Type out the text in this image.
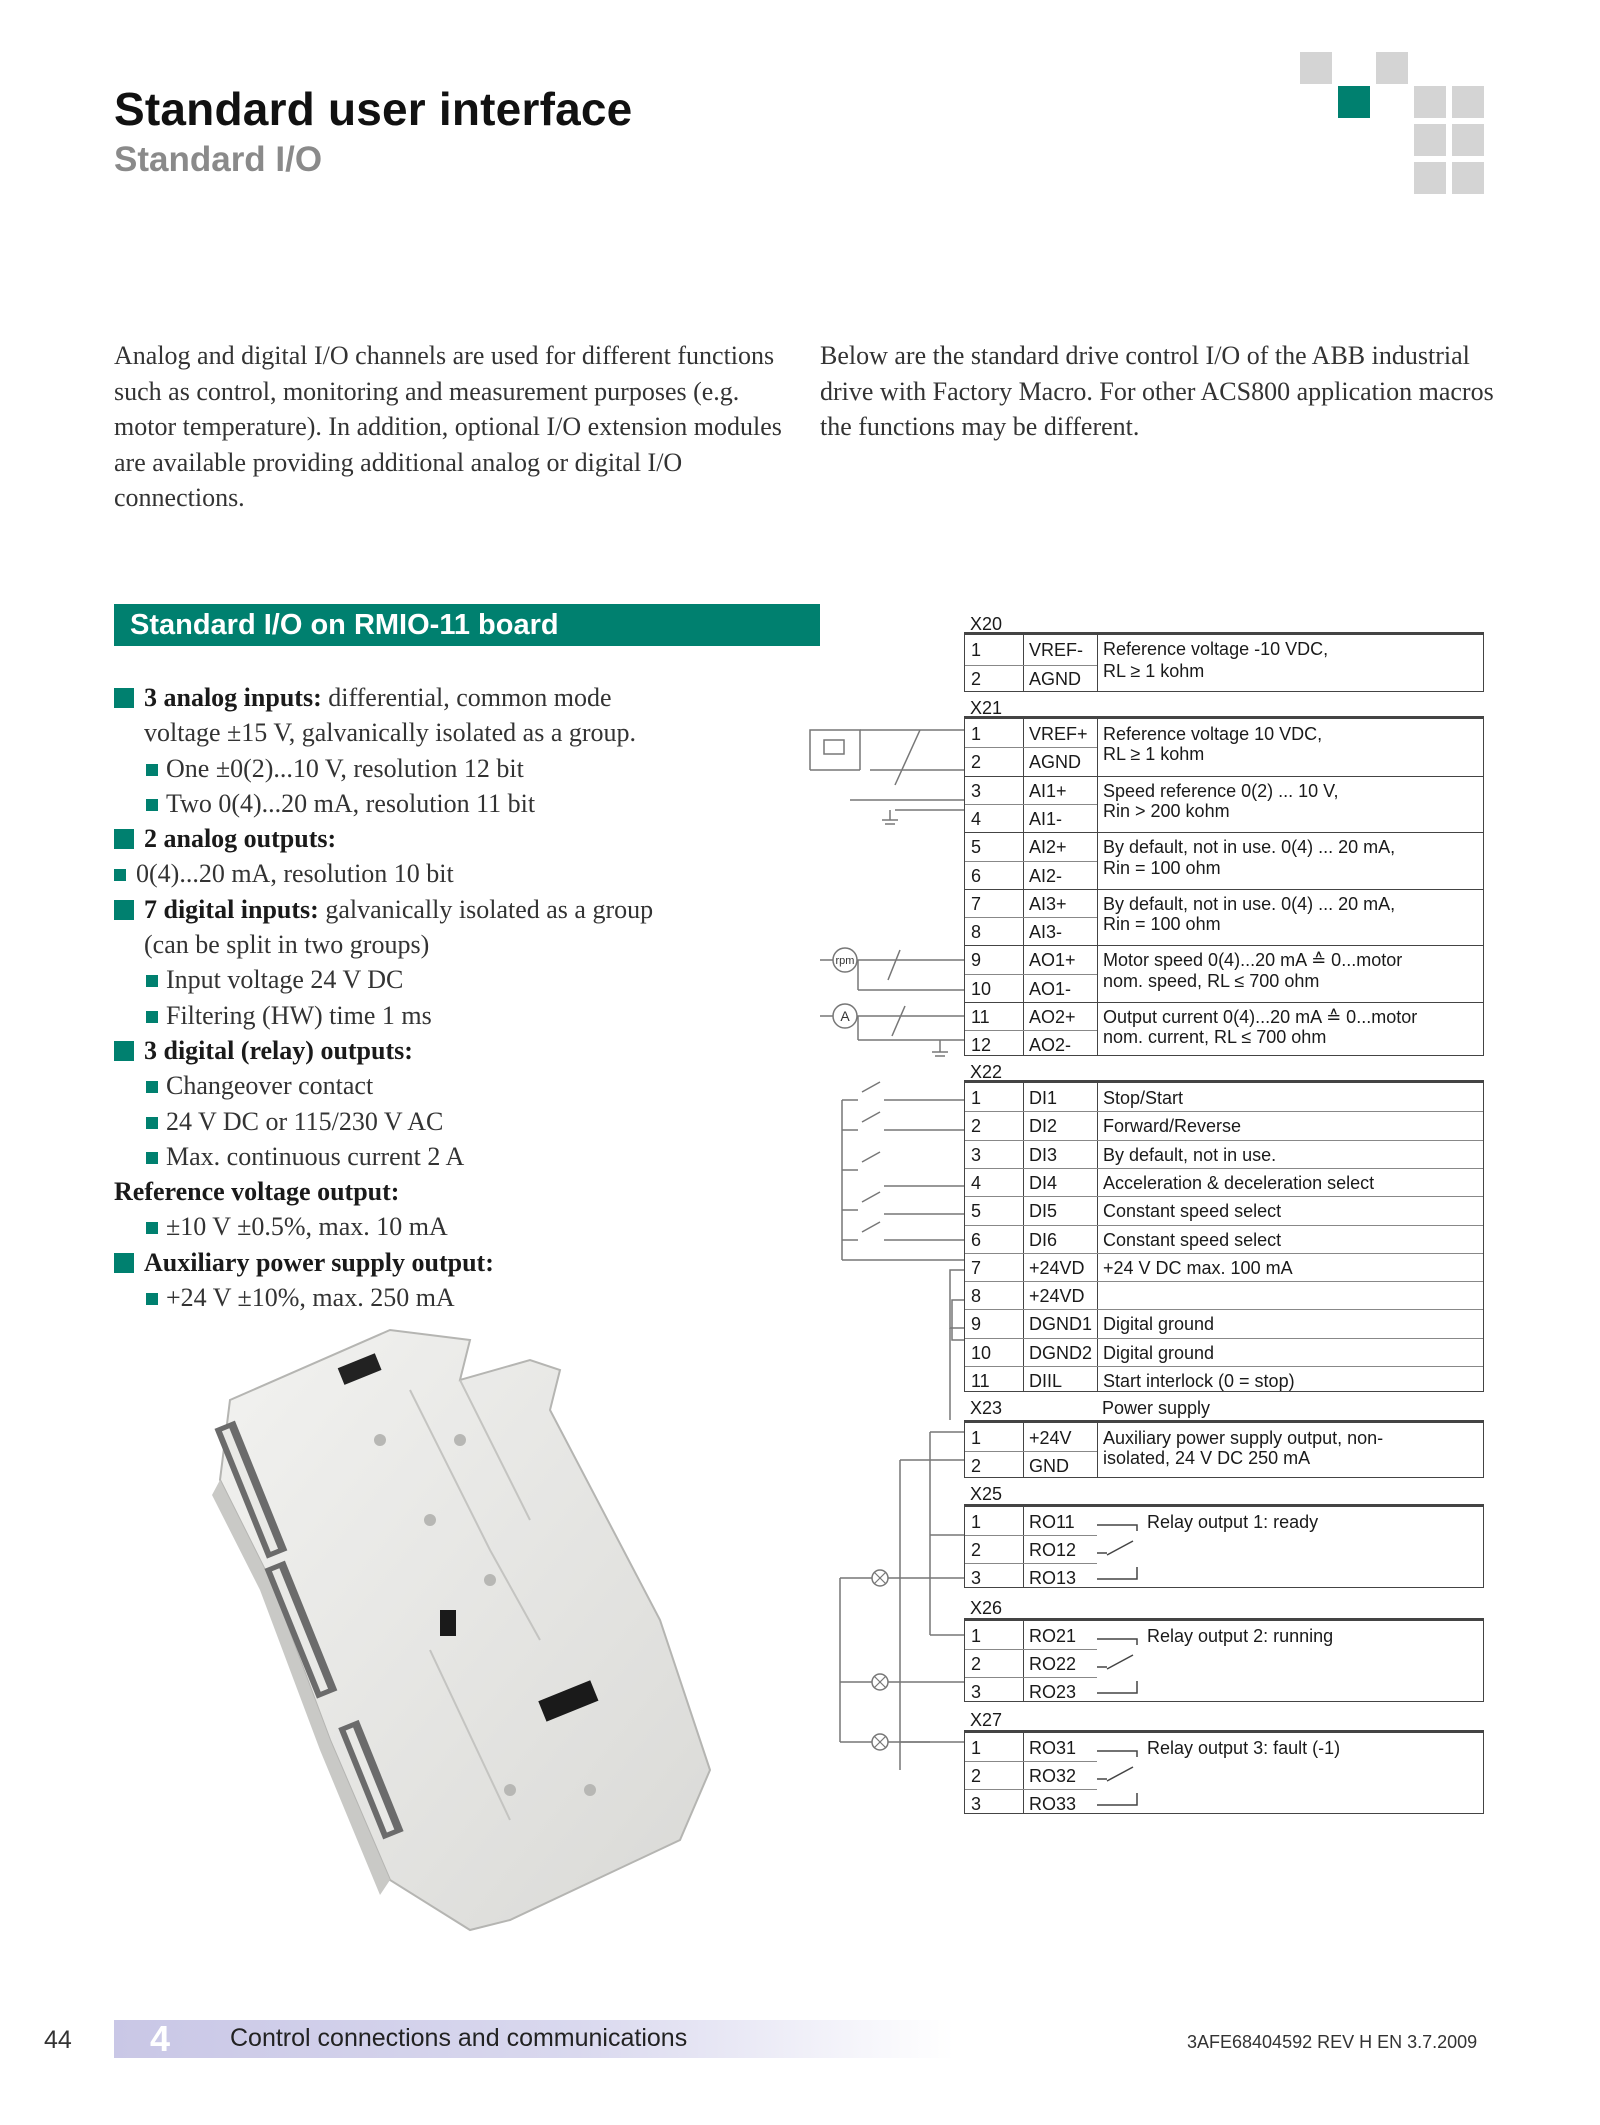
Standard user interface
Standard I/O
Analog and digital I/O channels are used for different functions such as control, monitoring and measurement purposes (e.g. motor temperature). In addition, optional I/O extension modules are available providing additional analog or digital I/O connections.
Below are the standard drive control I/O of the ABB industrial drive with Factory Macro. For other ACS800 application macros the functions may be different.
Standard I/O on RMIO-11 board
3 analog inputs: differential, common mode
voltage ±15 V, galvanically isolated as a group.
One ±0(2)...10 V, resolution 12 bit
Two 0(4)...20 mA, resolution 11 bit
2 analog outputs:
0(4)...20 mA, resolution 10 bit
7 digital inputs: galvanically isolated as a group
(can be split in two groups)
Input voltage 24 V DC
Filtering (HW) time 1 ms
3 digital (relay) outputs:
Changeover contact
24 V DC or 115/230 V AC
Max. continuous current 2 A
Reference voltage output:
±10 V ±0.5%, max. 10 mA
Auxiliary power supply output:
+24 V ±10%, max. 250 mA
rpm
A
X20
1	VREF- Reference voltage -10 VDC,
2	AGND RL ≥ 1 kohm
X21
1	VREF+ Reference voltage 10 VDC,
2	AGND RL ≥ 1 kohm
3	AI1+ Speed reference 0(2) ... 10 V,
4	AI1- Rin > 200 kohm
5	AI2+ By default, not in use. 0(4) ... 20 mA,
6	AI2- Rin = 100 ohm
7	AI3+ By default, not in use. 0(4) ... 20 mA,
8	AI3- Rin = 100 ohm
9	AO1+ Motor speed 0(4)...20 mA ≙ 0...motor
10 AO1- nom. speed, RL ≤ 700 ohm
11 AO2+ Output current 0(4)...20 mA ≙ 0...motor
12 AO2- nom. current, RL ≤ 700 ohm
X22
1	DI1	Stop/Start
2	DI2	Forward/Reverse
3	DI3	By default, not in use.
4	DI4	Acceleration & deceleration select
5	DI5	Constant speed select
6	DI6	Constant speed select
7	+24VD +24 V DC max. 100 mA
8	+24VD
9	DGND1 Digital ground
10 DGND2 Digital ground
11 DIIL Start interlock (0 = stop)
X23	Power supply
1	+24V Auxiliary power supply output, non-
2	GND isolated, 24 V DC 250 mA
X25
1	RO11
2	RO12
3	RO13
Relay output 1: ready
X26
1	RO21
2	RO22
3	RO23
Relay output 2: running
X27
1	RO31
2	RO32
3	RO33
Relay output 3: fault (-1)
44 4 Control connections and communications	3AFE68404592 REV H EN 3.7.2009
